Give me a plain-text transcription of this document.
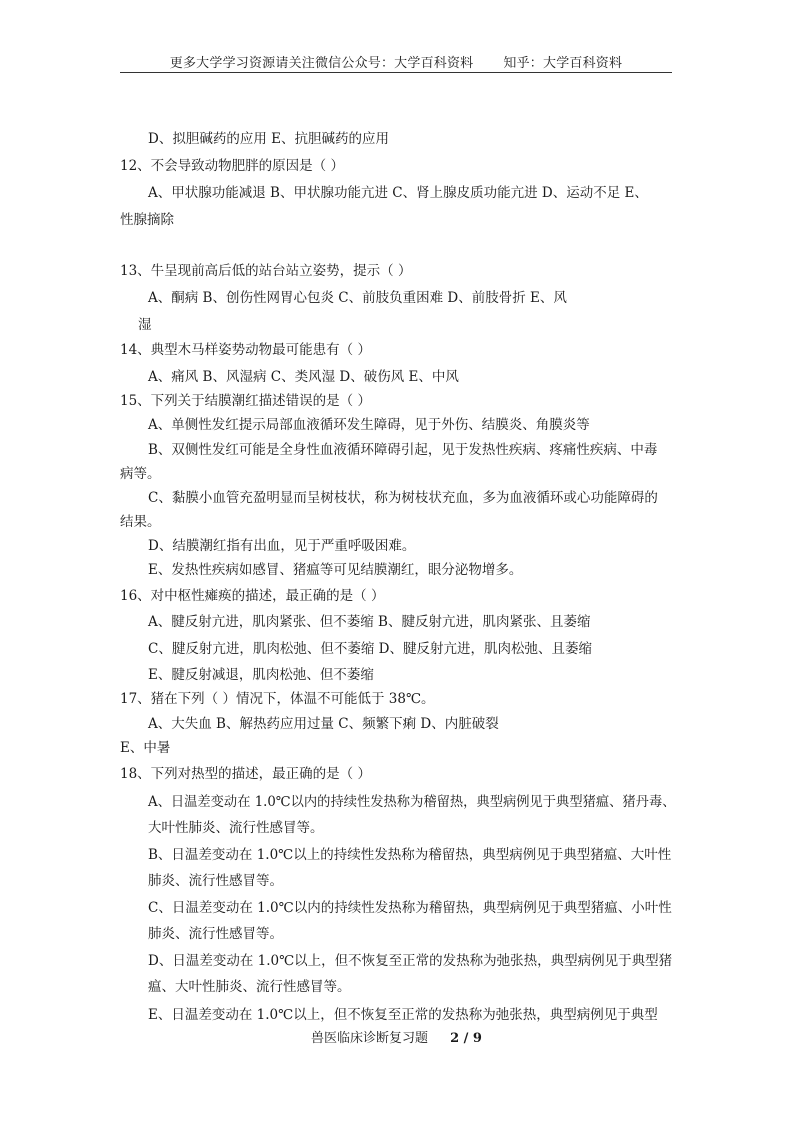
更多大学学习资源请关注微信公众号：大学百科资料 知乎：大学百科资料
D、拟胆碱药的应用 E、抗胆碱药的应用
12、不会导致动物肥胖的原因是（ ）
A、甲状腺功能减退 B、甲状腺功能亢进 C、肾上腺皮质功能亢进 D、运动不足 E、
性腺摘除
13、牛呈现前高后低的站台站立姿势，提示（ ）
A、酮病 B、创伤性网胃心包炎 C、前肢负重困难 D、前肢骨折 E、风
湿
14、典型木马样姿势动物最可能患有（ ）
A、痛风 B、风湿病 C、类风湿 D、破伤风 E、中风
15、下列关于结膜潮红描述错误的是（ ）
A、单侧性发红提示局部血液循环发生障碍，见于外伤、结膜炎、角膜炎等
B、双侧性发红可能是全身性血液循环障碍引起，见于发热性疾病、疼痛性疾病、中毒
病等。
C、黏膜小血管充盈明显而呈树枝状，称为树枝状充血，多为血液循环或心功能障碍的
结果。
D、结膜潮红指有出血，见于严重呼吸困难。
E、发热性疾病如感冒、猪瘟等可见结膜潮红，眼分泌物增多。
16、对中枢性瘫痪的描述，最正确的是（ ）
A、腱反射亢进，肌肉紧张、但不萎缩 B、腱反射亢进，肌肉紧张、且萎缩
C、腱反射亢进，肌肉松弛、但不萎缩 D、腱反射亢进，肌肉松弛、且萎缩
E、腱反射减退，肌肉松弛、但不萎缩
17、猪在下列（ ）情况下，体温不可能低于 38℃。
A、大失血 B、解热药应用过量 C、频繁下痢 D、内脏破裂
E、中暑
18、下列对热型的描述，最正确的是（ ）
A、日温差变动在 1.0℃以内的持续性发热称为稽留热，典型病例见于典型猪瘟、猪丹毒、
大叶性肺炎、流行性感冒等。
B、日温差变动在 1.0℃以上的持续性发热称为稽留热，典型病例见于典型猪瘟、大叶性
肺炎、流行性感冒等。
C、日温差变动在 1.0℃以内的持续性发热称为稽留热，典型病例见于典型猪瘟、小叶性
肺炎、流行性感冒等。
D、日温差变动在 1.0℃以上，但不恢复至正常的发热称为弛张热，典型病例见于典型猪
瘟、大叶性肺炎、流行性感冒等。
E、日温差变动在 1.0℃以上，但不恢复至正常的发热称为弛张热，典型病例见于典型
兽医临床诊断复习题 2 / 9
